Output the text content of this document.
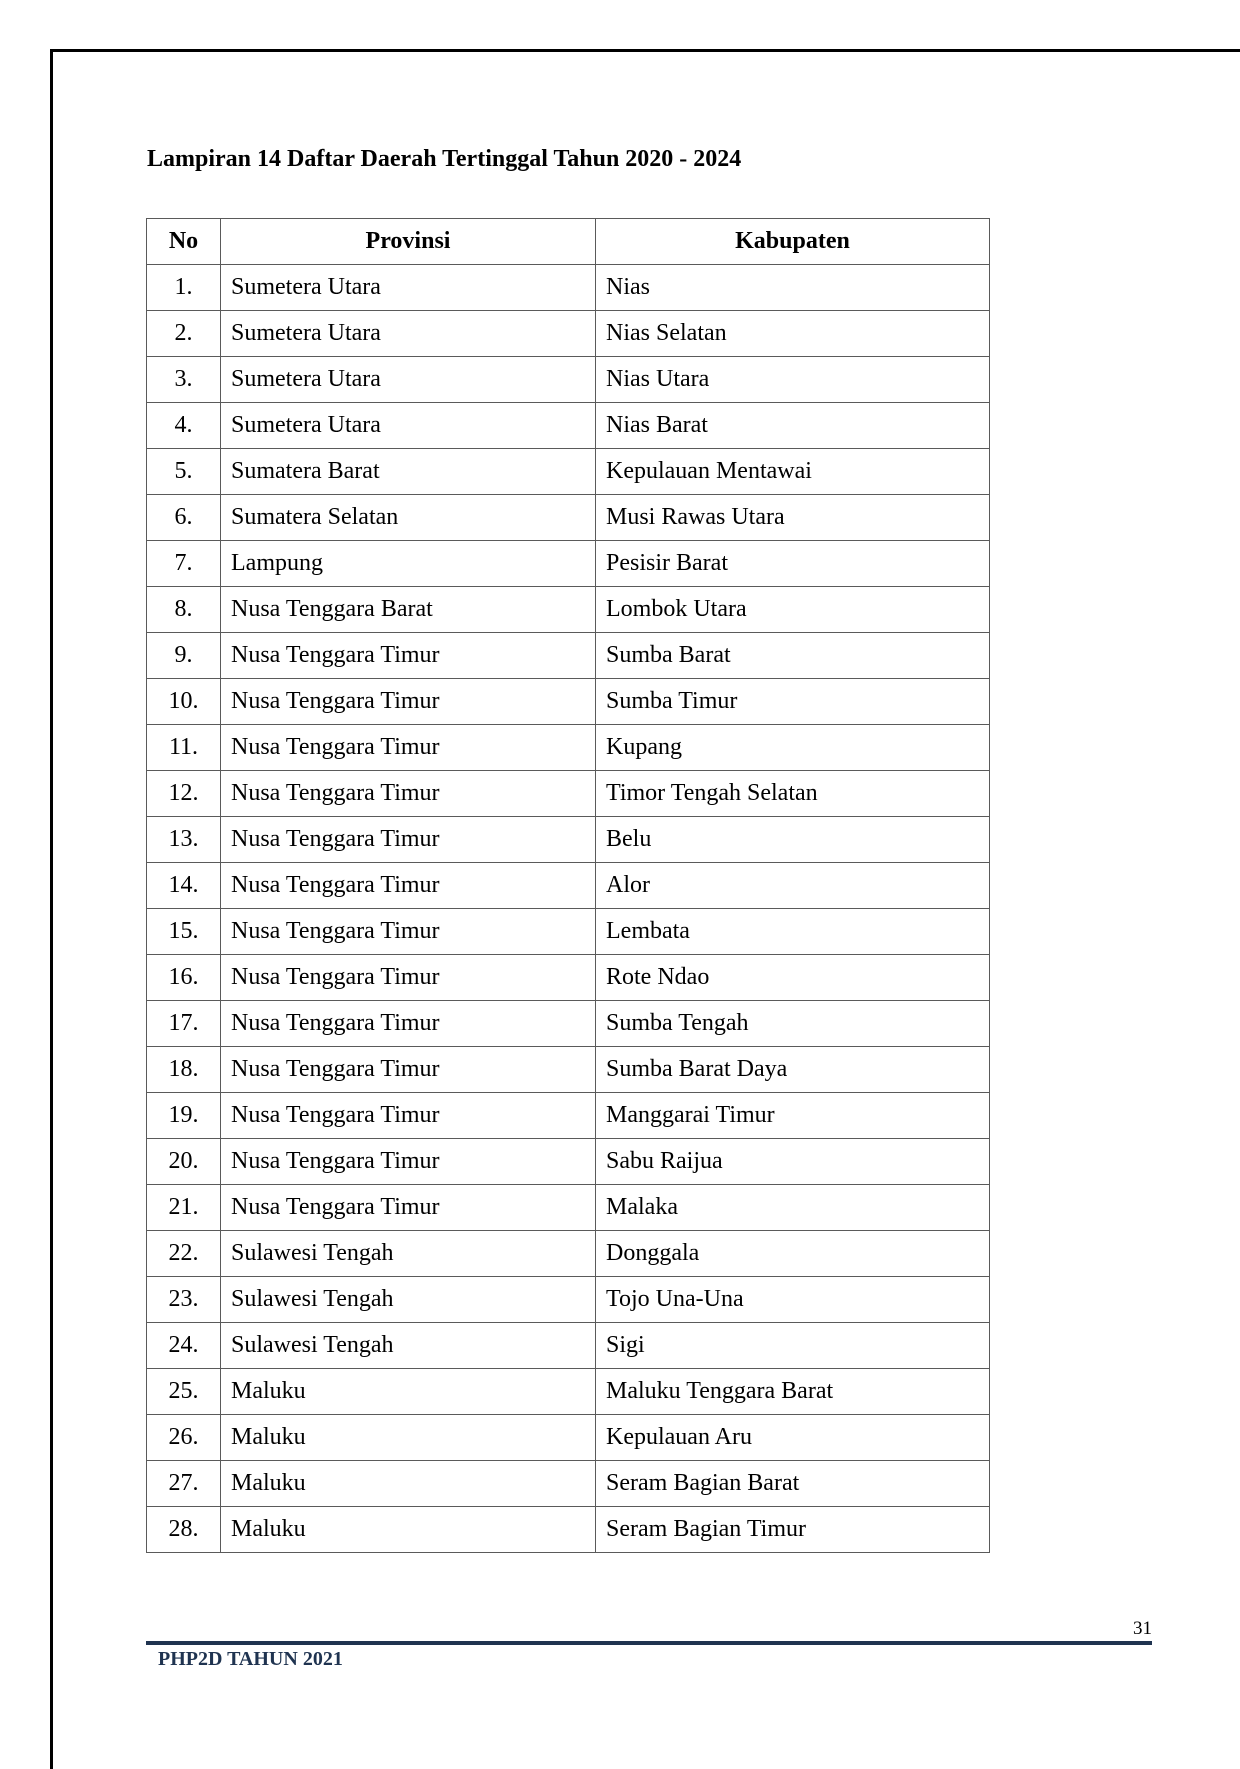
Lampiran 14 Daftar Daerah Tertinggal Tahun 2020 - 2024
No	Provinsi	Kabupaten
1.	Sumetera Utara	Nias
2.	Sumetera Utara	Nias Selatan
3.	Sumetera Utara	Nias Utara
4.	Sumetera Utara	Nias Barat
5.	Sumatera Barat	Kepulauan Mentawai
6.	Sumatera Selatan	Musi Rawas Utara
7.	Lampung	Pesisir Barat
8.	Nusa Tenggara Barat	Lombok Utara
9.	Nusa Tenggara Timur	Sumba Barat
10.	Nusa Tenggara Timur	Sumba Timur
11.	Nusa Tenggara Timur	Kupang
12.	Nusa Tenggara Timur	Timor Tengah Selatan
13.	Nusa Tenggara Timur	Belu
14.	Nusa Tenggara Timur	Alor
15.	Nusa Tenggara Timur	Lembata
16.	Nusa Tenggara Timur	Rote Ndao
17.	Nusa Tenggara Timur	Sumba Tengah
18.	Nusa Tenggara Timur	Sumba Barat Daya
19.	Nusa Tenggara Timur	Manggarai Timur
20.	Nusa Tenggara Timur	Sabu Raijua
21.	Nusa Tenggara Timur	Malaka
22.	Sulawesi Tengah	Donggala
23.	Sulawesi Tengah	Tojo Una-Una
24.	Sulawesi Tengah	Sigi
25.	Maluku	Maluku Tenggara Barat
26.	Maluku	Kepulauan Aru
27.	Maluku	Seram Bagian Barat
28.	Maluku	Seram Bagian Timur
31
PHP2D TAHUN 2021
